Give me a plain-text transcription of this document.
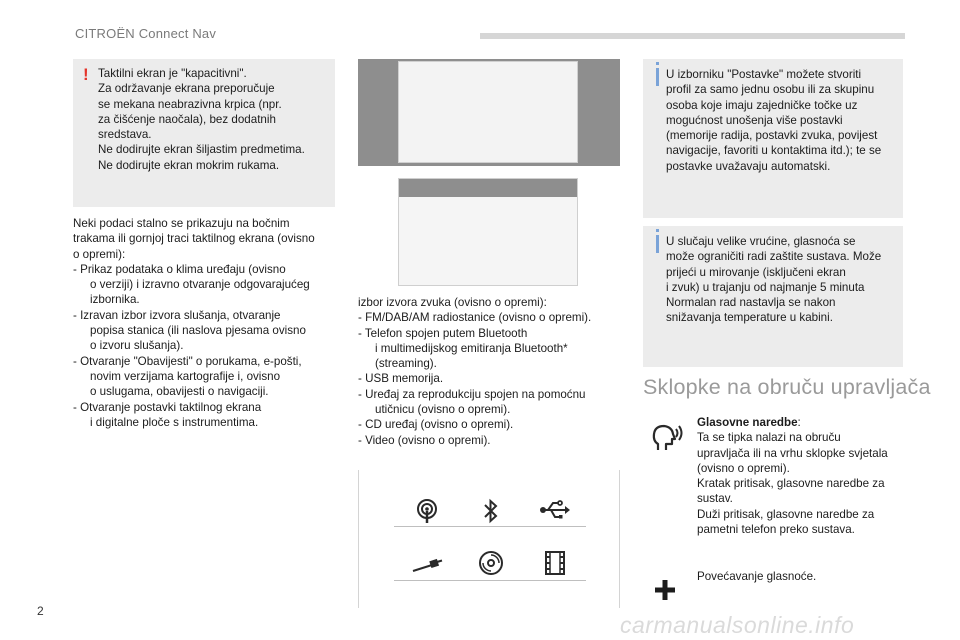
CITROËN Connect Nav
! Taktilni ekran je "kapacitivni".
Za održavanje ekrana preporučuje
se mekana neabrazivna krpica (npr.
za čišćenje naočala), bez dodatnih
sredstava.
Ne dodirujte ekran šiljastim predmetima.
Ne dodirujte ekran mokrim rukama.
Neki podaci stalno se prikazuju na bočnim
trakama ili gornjoj traci taktilnog ekrana (ovisno
o opremi):
- Prikaz podataka o klima uređaju (ovisno
o verziji) i izravno otvaranje odgovarajućeg
izbornika.
- Izravan izbor izvora slušanja, otvaranje
popisa stanica (ili naslova pjesama ovisno
o izvoru slušanja).
- Otvaranje "Obavijesti" o porukama, e-pošti,
novim verzijama kartografije i, ovisno
o uslugama, obavijesti o navigaciji.
- Otvaranje postavki taktilnog ekrana
i digitalne ploče s instrumentima.
izbor izvora zvuka (ovisno o opremi):
- FM/DAB/AM radiostanice (ovisno o opremi).
- Telefon spojen putem Bluetooth
i multimedijskog emitiranja Bluetooth*
(streaming).
- USB memorija.
- Uređaj za reprodukciju spojen na pomoćnu
utičnicu (ovisno o opremi).
- CD uređaj (ovisno o opremi).
- Video (ovisno o opremi).
U izborniku "Postavke" možete stvoriti
profil za samo jednu osobu ili za skupinu
osoba koje imaju zajedničke točke uz
mogućnost unošenja više postavki
(memorije radija, postavki zvuka, povijest
navigacije, favoriti u kontaktima itd.); te se
postavke uvažavaju automatski.
U slučaju velike vrućine, glasnoća se
može ograničiti radi zaštite sustava. Može
prijeći u mirovanje (isključeni ekran
i zvuk) u trajanju od najmanje 5 minuta
Normalan rad nastavlja se nakon
snižavanja temperature u kabini.
Sklopke na obruču upravljača
Glasovne naredbe:
Ta se tipka nalazi na obruču
upravljača ili na vrhu sklopke svjetala
(ovisno o opremi).
Kratak pritisak, glasovne naredbe za
sustav.
Duži pritisak, glasovne naredbe za
pametni telefon preko sustava.
Povećavanje glasnoće.
2
carmanualsonline.info
